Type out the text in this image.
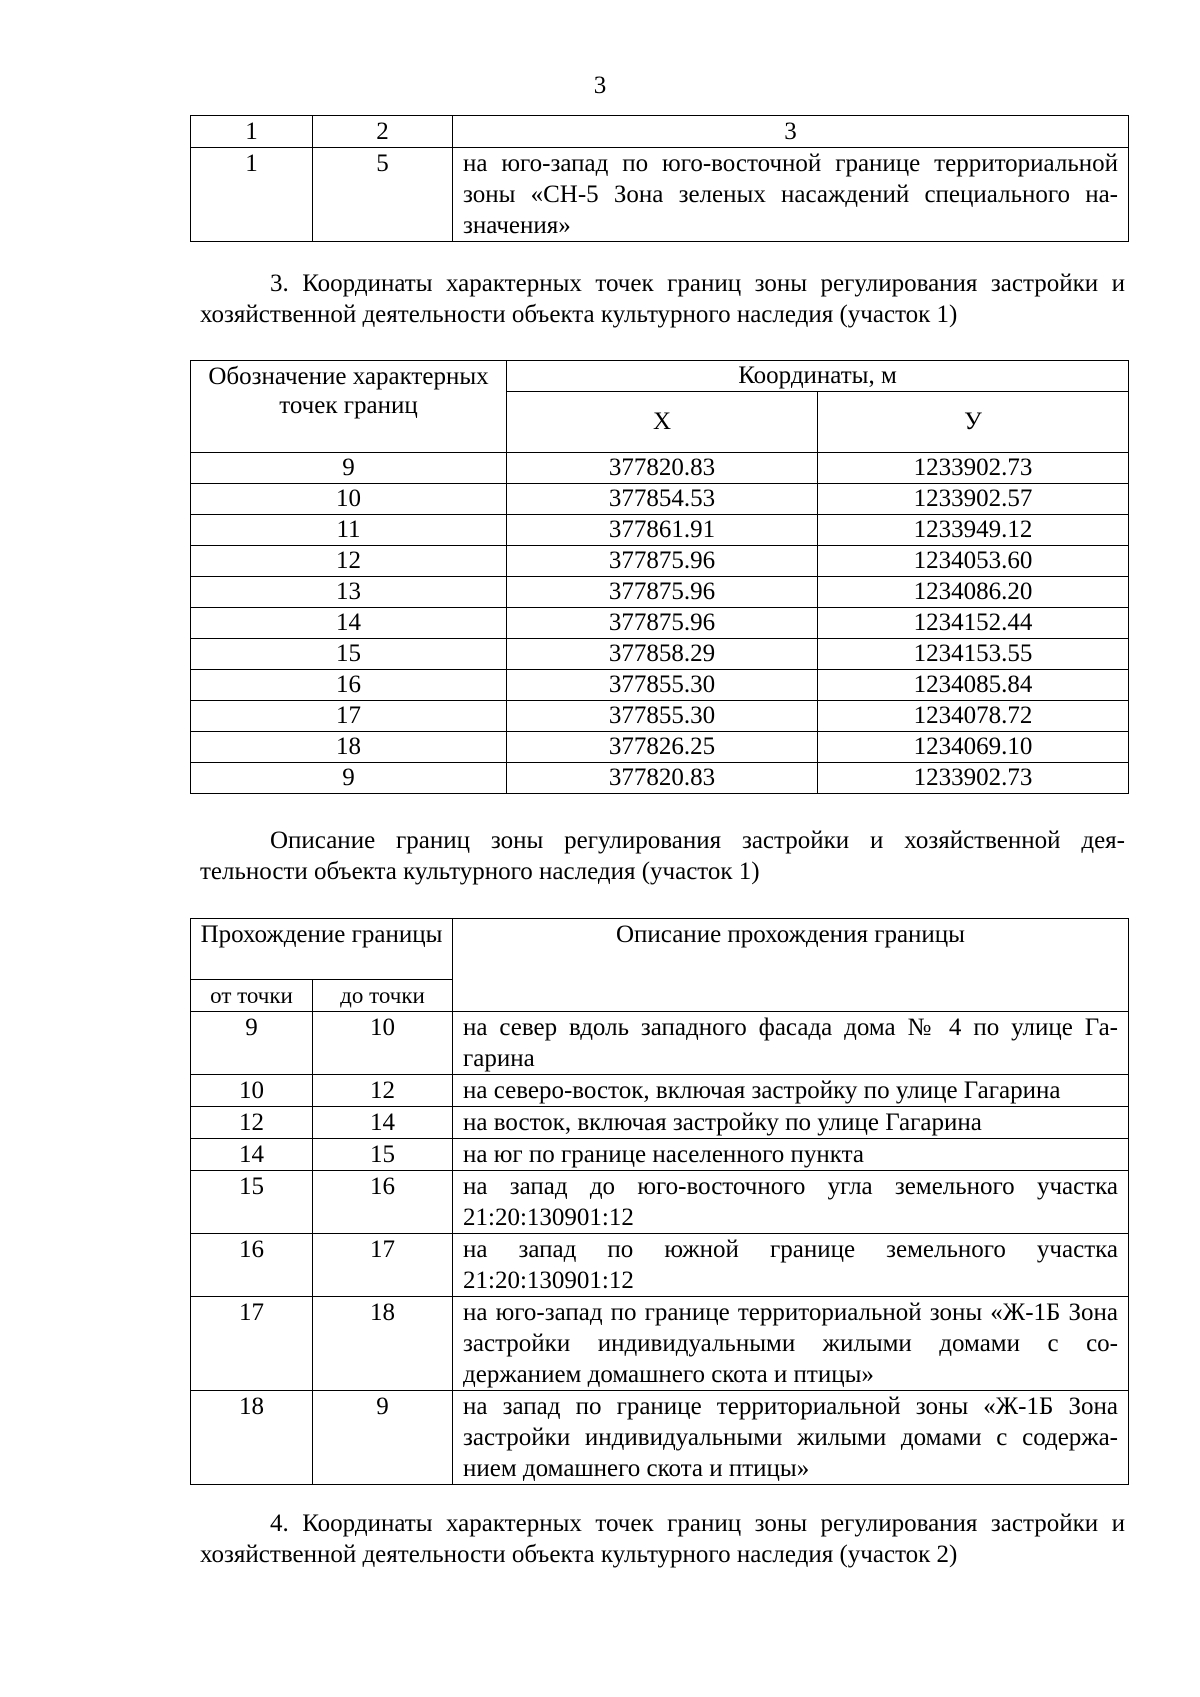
3
1	2	3
1	5	на юго-запад по юго-восточной границе территориальной зоны «СН-5 Зона зеленых насаждений специального на-значения»
3. Координаты характерных точек границ зоны регулирования застройки и хозяйственной деятельности объекта культурного наследия (участок 1)
Обозначение характерных точек границ	Координаты, м	
	Х	У
9	377820.83	1233902.73
10	377854.53	1233902.57
11	377861.91	1233949.12
12	377875.96	1234053.60
13	377875.96	1234086.20
14	377875.96	1234152.44
15	377858.29	1234153.55
16	377855.30	1234085.84
17	377855.30	1234078.72
18	377826.25	1234069.10
9	377820.83	1233902.73
Описание границ зоны регулирования застройки и хозяйственной дея-тельности объекта культурного наследия (участок 1)
Прохождение границы		Описание прохождения границы
от точки	до точки	
9	10	на север вдоль западного фасада дома № 4 по улице Га-гарина
10	12	на северо-восток, включая застройку по улице Гагарина
12	14	на восток, включая застройку по улице Гагарина
14	15	на юг по границе населенного пункта
15	16	на запад до юго-восточного угла земельного участка 21:20:130901:12
16	17	на запад по южной границе земельного участка 21:20:130901:12
17	18	на юго-запад по границе территориальной зоны «Ж-1Б Зона застройки индивидуальными жилыми домами с со-держанием домашнего скота и птицы»
18	9	на запад по границе территориальной зоны «Ж-1Б Зона застройки индивидуальными жилыми домами с содержа-нием домашнего скота и птицы»
4. Координаты характерных точек границ зоны регулирования застройки и хозяйственной деятельности объекта культурного наследия (участок 2)
